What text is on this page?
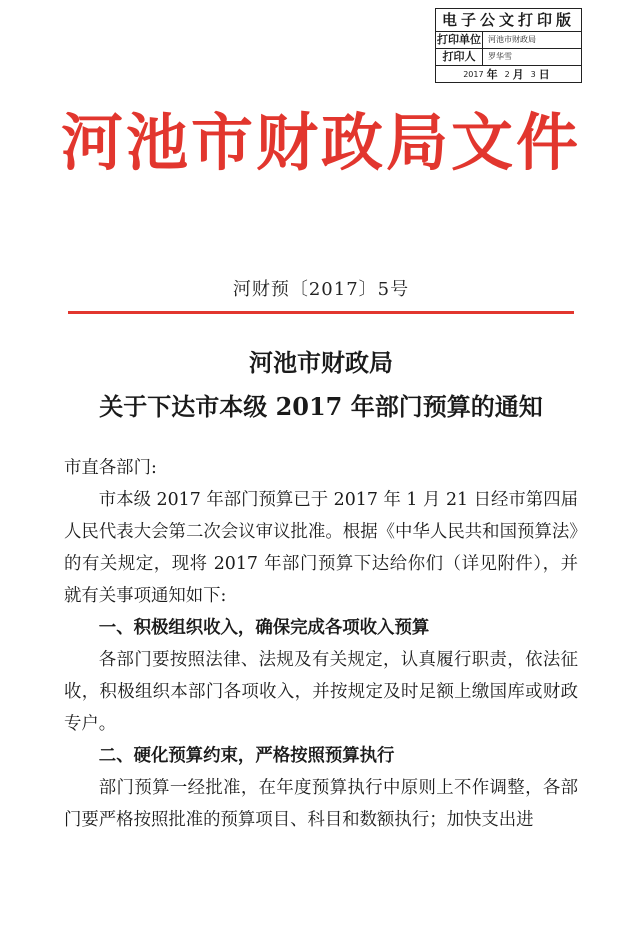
电子公文打印版
打印单位 河池市财政局
打印人	罗华雪
2017 年 2 月 3 日
河池市财政局文件
河财预〔2017〕5号
河池市财政局
关于下达市本级 2017 年部门预算的通知

市直各部门:

市本级 2017 年部门预算已于 2017 年 1 月 21 日经市第四届人民代表大会第二次会议审议批准。根据《中华人民共和国预算法》的有关规定，现将 2017 年部门预算下达给你们（详见附件），并就有关事项通知如下:

一、积极组织收入，确保完成各项收入预算

各部门要按照法律、法规及有关规定，认真履行职责，依法征收，积极组织本部门各项收入，并按规定及时足额上缴国库或财政专户。

二、硬化预算约束，严格按照预算执行

部门预算一经批准，在年度预算执行中原则上不作调整，各部门要严格按照批准的预算项目、科目和数额执行；加快支出进
